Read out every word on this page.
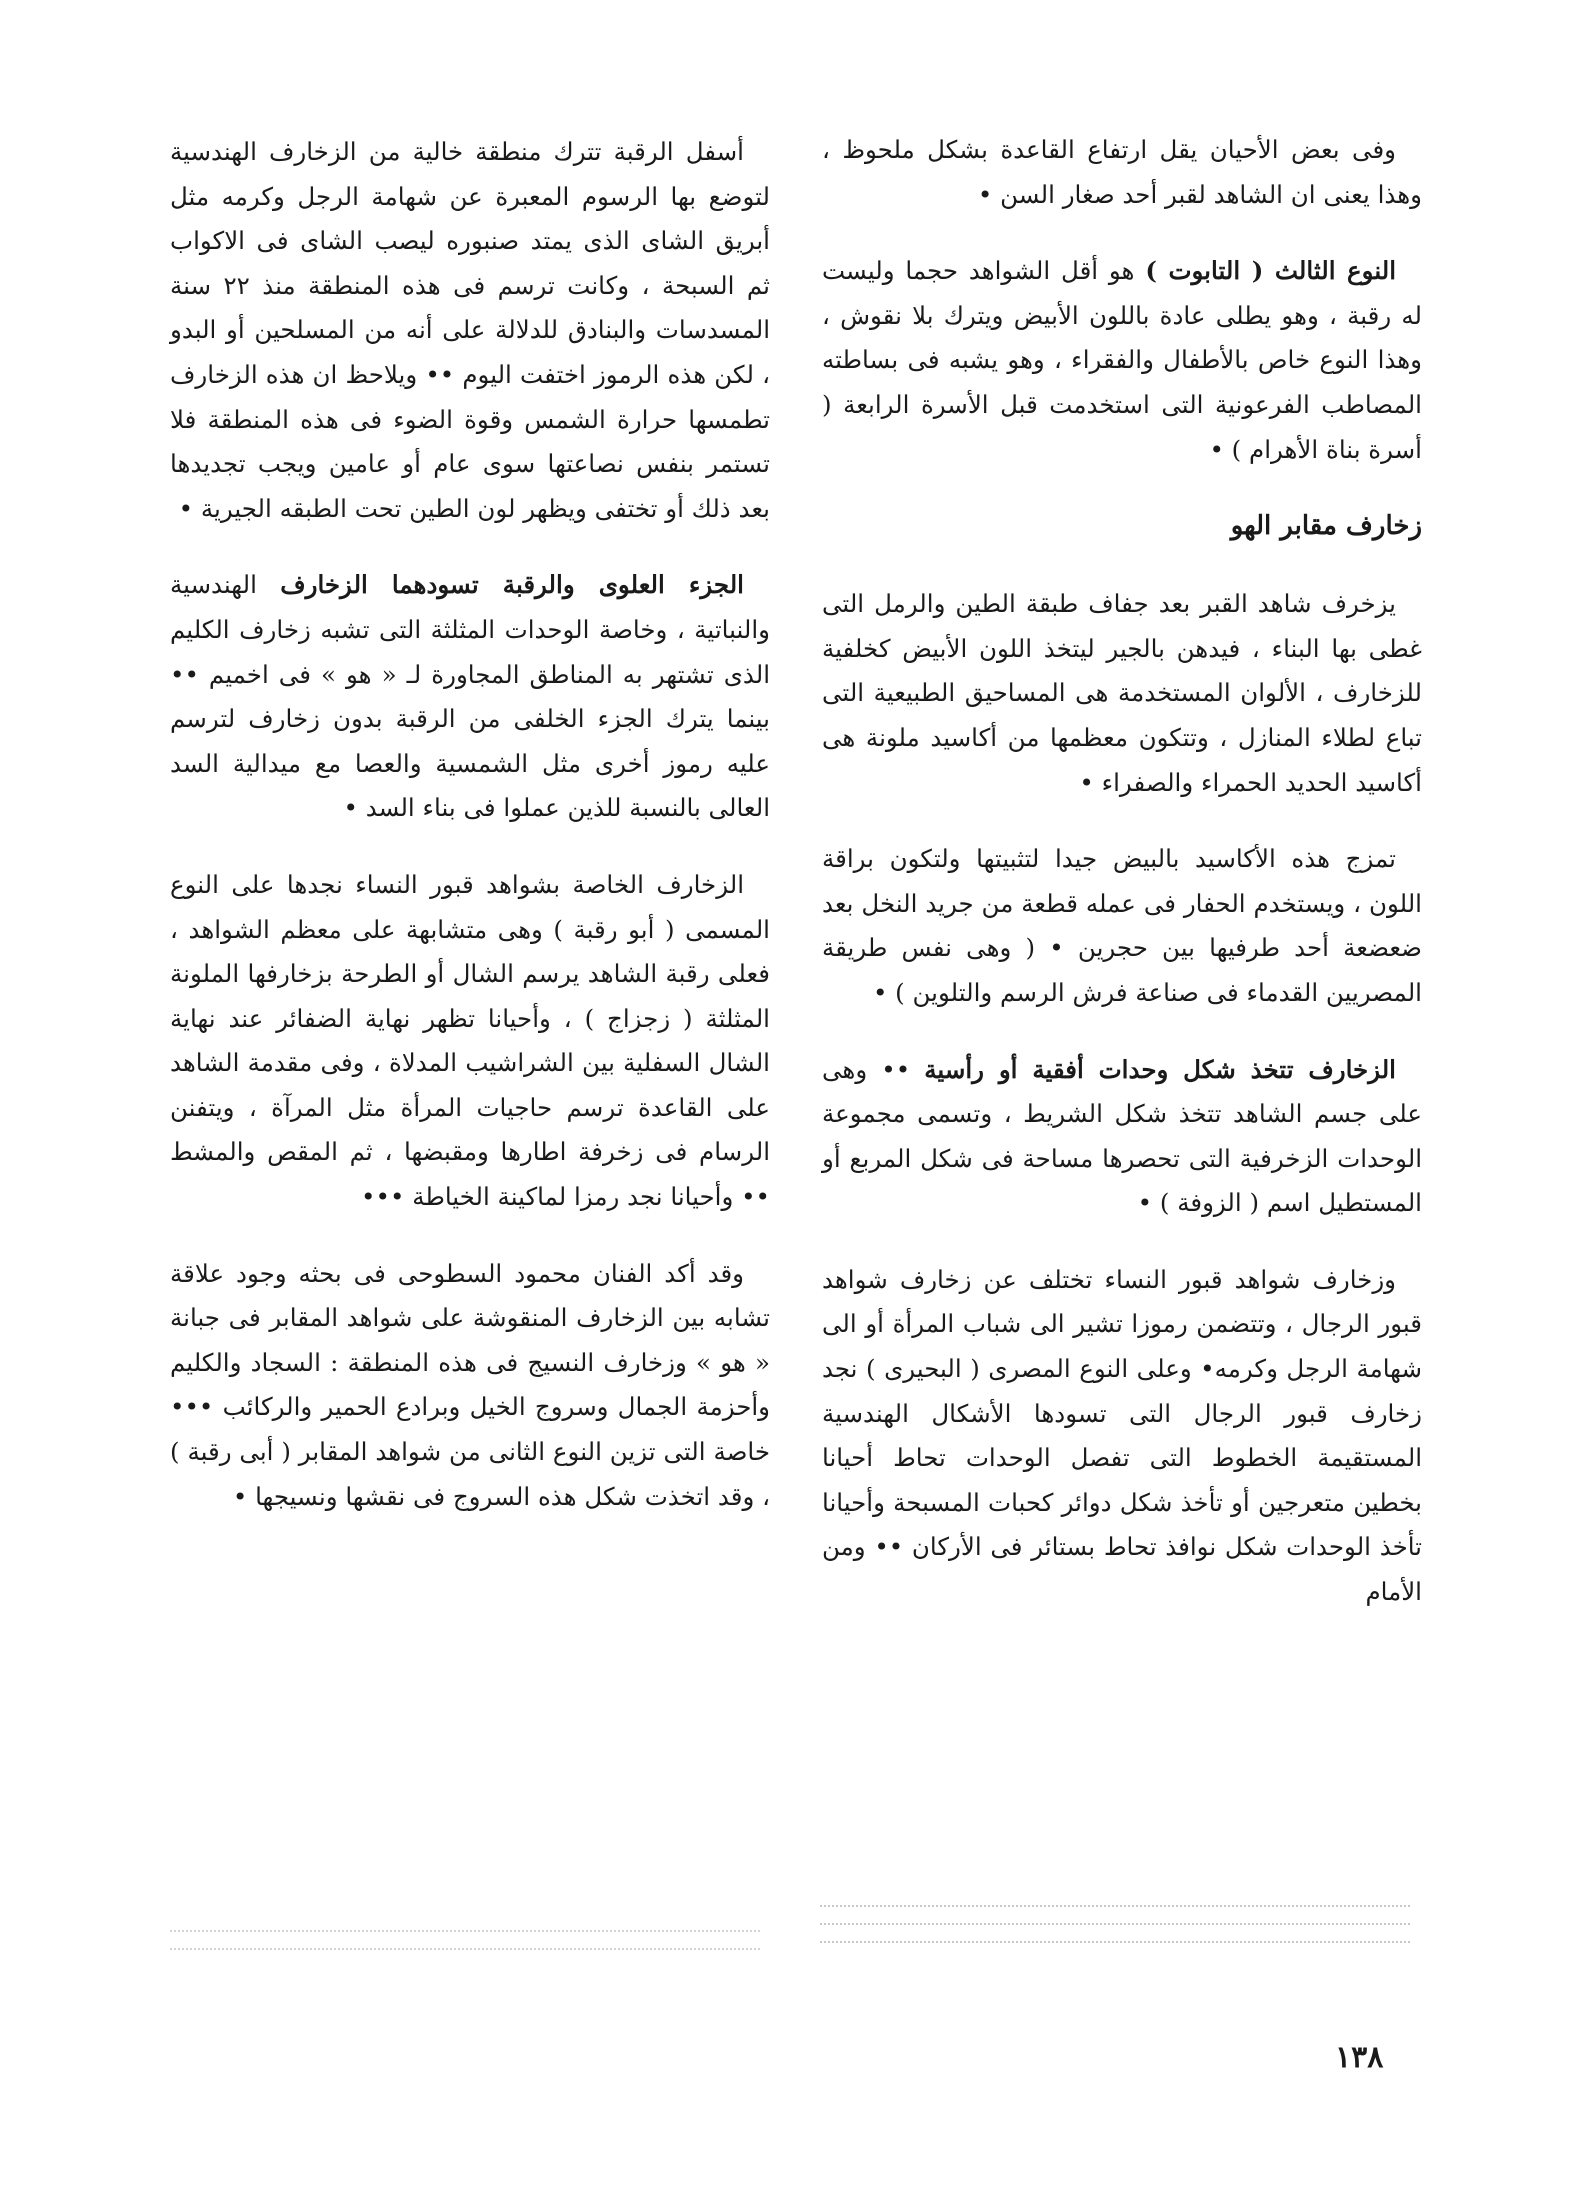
وفى بعض الأحيان يقل ارتفاع القاعدة بشكل ملحوظ ، وهذا يعنى ان الشاهد لقبر أحد صغار السن •

النوع الثالث ( التابوت ) هو أقل الشواهد حجما وليست له رقبة ، وهو يطلى عادة باللون الأبيض ويترك بلا نقوش ، وهذا النوع خاص بالأطفال والفقراء ، وهو يشبه فى بساطته المصاطب الفرعونية التى استخدمت قبل الأسرة الرابعة ( أسرة بناة الأهرام ) •

زخارف مقابر الهو

يزخرف شاهد القبر بعد جفاف طبقة الطين والرمل التى غطى بها البناء ، فيدهن بالجير ليتخذ اللون الأبيض كخلفية للزخارف ، الألوان المستخدمة هى المساحيق الطبيعية التى تباع لطلاء المنازل ، وتتكون معظمها من أكاسيد ملونة هى أكاسيد الحديد الحمراء والصفراء •

تمزج هذه الأكاسيد بالبيض جيدا لتثبيتها ولتكون براقة اللون ، ويستخدم الحفار فى عمله قطعة من جريد النخل بعد ضعضعة أحد طرفيها بين حجرين • ( وهى نفس طريقة المصريين القدماء فى صناعة فرش الرسم والتلوين ) •

الزخارف تتخذ شكل وحدات أفقية أو رأسية •• وهى على جسم الشاهد تتخذ شكل الشريط ، وتسمى مجموعة الوحدات الزخرفية التى تحصرها مساحة فى شكل المربع أو المستطيل اسم ( الزوفة ) •

وزخارف شواهد قبور النساء تختلف عن زخارف شواهد قبور الرجال ، وتتضمن رموزا تشير الى شباب المرأة أو الى شهامة الرجل وكرمه• وعلى النوع المصرى ( البحيرى ) نجد زخارف قبور الرجال التى تسودها الأشكال الهندسية المستقيمة الخطوط التى تفصل الوحدات تحاط أحيانا بخطين متعرجين أو تأخذ شكل دوائر كحبات المسبحة وأحيانا تأخذ الوحدات شكل نوافذ تحاط بستائر فى الأركان •• ومن الأمام

أسفل الرقبة تترك منطقة خالية من الزخارف الهندسية لتوضع بها الرسوم المعبرة عن شهامة الرجل وكرمه مثل أبريق الشاى الذى يمتد صنبوره ليصب الشاى فى الاكواب ثم السبحة ، وكانت ترسم فى هذه المنطقة منذ ٢٢ سنة المسدسات والبنادق للدلالة على أنه من المسلحين أو البدو ، لكن هذه الرموز اختفت اليوم •• ويلاحظ ان هذه الزخارف تطمسها حرارة الشمس وقوة الضوء فى هذه المنطقة فلا تستمر بنفس نصاعتها سوى عام أو عامين ويجب تجديدها بعد ذلك أو تختفى ويظهر لون الطين تحت الطبقه الجيرية •

الجزء العلوى والرقبة تسودهما الزخارف الهندسية والنباتية ، وخاصة الوحدات المثلثة التى تشبه زخارف الكليم الذى تشتهر به المناطق المجاورة لـ « هو » فى اخميم •• بينما يترك الجزء الخلفى من الرقبة بدون زخارف لترسم عليه رموز أخرى مثل الشمسية والعصا مع ميدالية السد العالى بالنسبة للذين عملوا فى بناء السد •

الزخارف الخاصة بشواهد قبور النساء نجدها على النوع المسمى ( أبو رقبة ) وهى متشابهة على معظم الشواهد ، فعلى رقبة الشاهد يرسم الشال أو الطرحة بزخارفها الملونة المثلثة ( زجزاج ) ، وأحيانا تظهر نهاية الضفائر عند نهاية الشال السفلية بين الشراشيب المدلاة ، وفى مقدمة الشاهد على القاعدة ترسم حاجيات المرأة مثل المرآة ، ويتفنن الرسام فى زخرفة اطارها ومقبضها ، ثم المقص والمشط •• وأحيانا نجد رمزا لماكينة الخياطة •••

وقد أكد الفنان محمود السطوحى فى بحثه وجود علاقة تشابه بين الزخارف المنقوشة على شواهد المقابر فى جبانة « هو » وزخارف النسيج فى هذه المنطقة : السجاد والكليم وأحزمة الجمال وسروج الخيل وبرادع الحمير والركائب ••• خاصة التى تزين النوع الثانى من شواهد المقابر ( أبى رقبة ) ، وقد اتخذت شكل هذه السروج فى نقشها ونسيجها •

١٣٨
